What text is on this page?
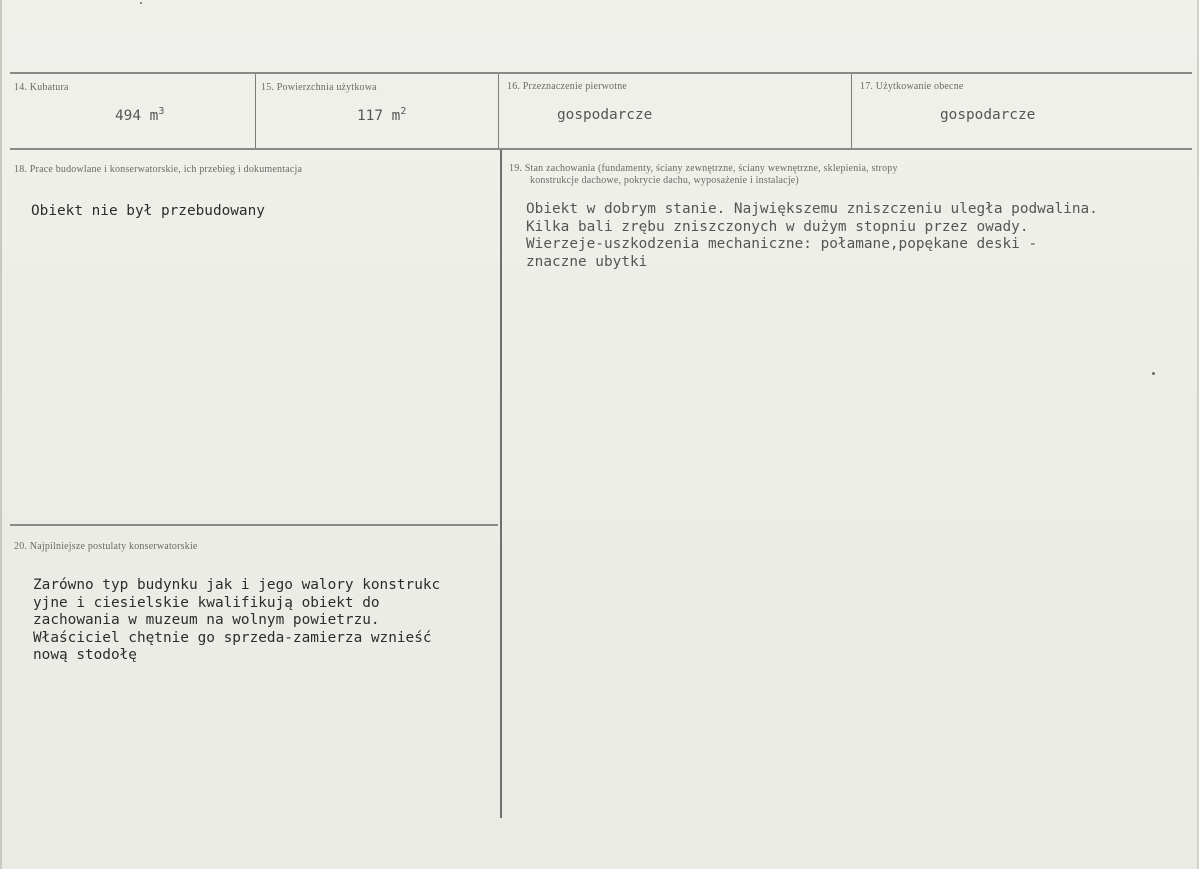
14. Kubatura
494 $m^3$
15. Powierzchnia użytkowa
117 $m^2$
16. Przeznaczenie pierwotne
gospodarcze
17. Użytkowanie obecne
gospodarcze
18. Prace budowlane i konserwatorskie, ich przebieg i dokumentacja
Obiekt nie był przebudowany
19. Stan zachowania (fundamenty, ściany zewnętrzne, ściany wewnętrzne, sklepienia, stropy
konstrukcje dachowe, pokrycie dachu, wyposażenie i instalacje)
Obiekt w dobrym stanie. Największemu zniszczeniu uległa podwalina.
Kilka bali zrębu zniszczonych w dużym stopniu przez owady.
Wierzeje-uszkodzenia mechaniczne: połamane,popękane deski -
znaczne ubytki
20. Najpilniejsze postulaty konserwatorskie
Zarówno typ budynku jak i jego walory konstrukc
yjne i ciesielskie kwalifikują obiekt do
zachowania w muzeum na wolnym powietrzu.
Właściciel chętnie go sprzeda-zamierza wznieść
nową stodołę
